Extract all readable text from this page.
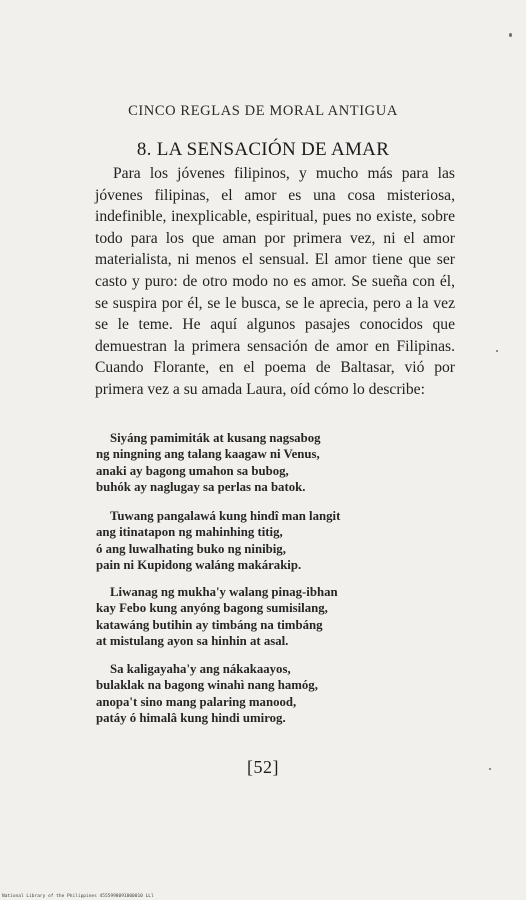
CINCO REGLAS DE MORAL ANTIGUA
8. LA SENSACIÓN DE AMAR

Para los jóvenes filipinos, y mucho más para las jóvenes filipinas, el amor es una cosa misteriosa, indefinible, inexplicable, espiritual, pues no existe, sobre todo para los que aman por primera vez, ni el amor materialista, ni menos el sensual. El amor tiene que ser casto y puro: de otro modo no es amor. Se sueña con él, se suspira por él, se le busca, se le aprecia, pero a la vez se le teme. He aquí algunos pasajes conocidos que demuestran la primera sensación de amor en Filipinas. Cuando Florante, en el poema de Baltasar, vió por primera vez a su amada Laura, oíd cómo lo describe:

Siyáng pamimiták at kusang nagsabog
ng ningning ang talang kaagaw ni Venus,
anaki ay bagong umahon sa bubog,
buhók ay naglugay sa perlas na batok.
Tuwang pangalawá kung hindî man langit
ang itinatapon ng mahinhing titig,
ó ang luwalhating buko ng ninibig,
pain ni Kupidong waláng makárakip.
Liwanag ng mukha'y walang pinag-ibhan
kay Febo kung anyóng bagong sumisilang,
katawáng butihin ay timbáng na timbáng
at mistulang ayon sa hinhin at asal.
Sa kaligayaha'y ang nákakaayos,
bulaklak na bagong winahì nang hamóg,
anopa't sino mang palaring manood,
patáy ó himalâ kung hindi umirog.
[52]
National Library of the Philippines 4555998091000010 LLl
